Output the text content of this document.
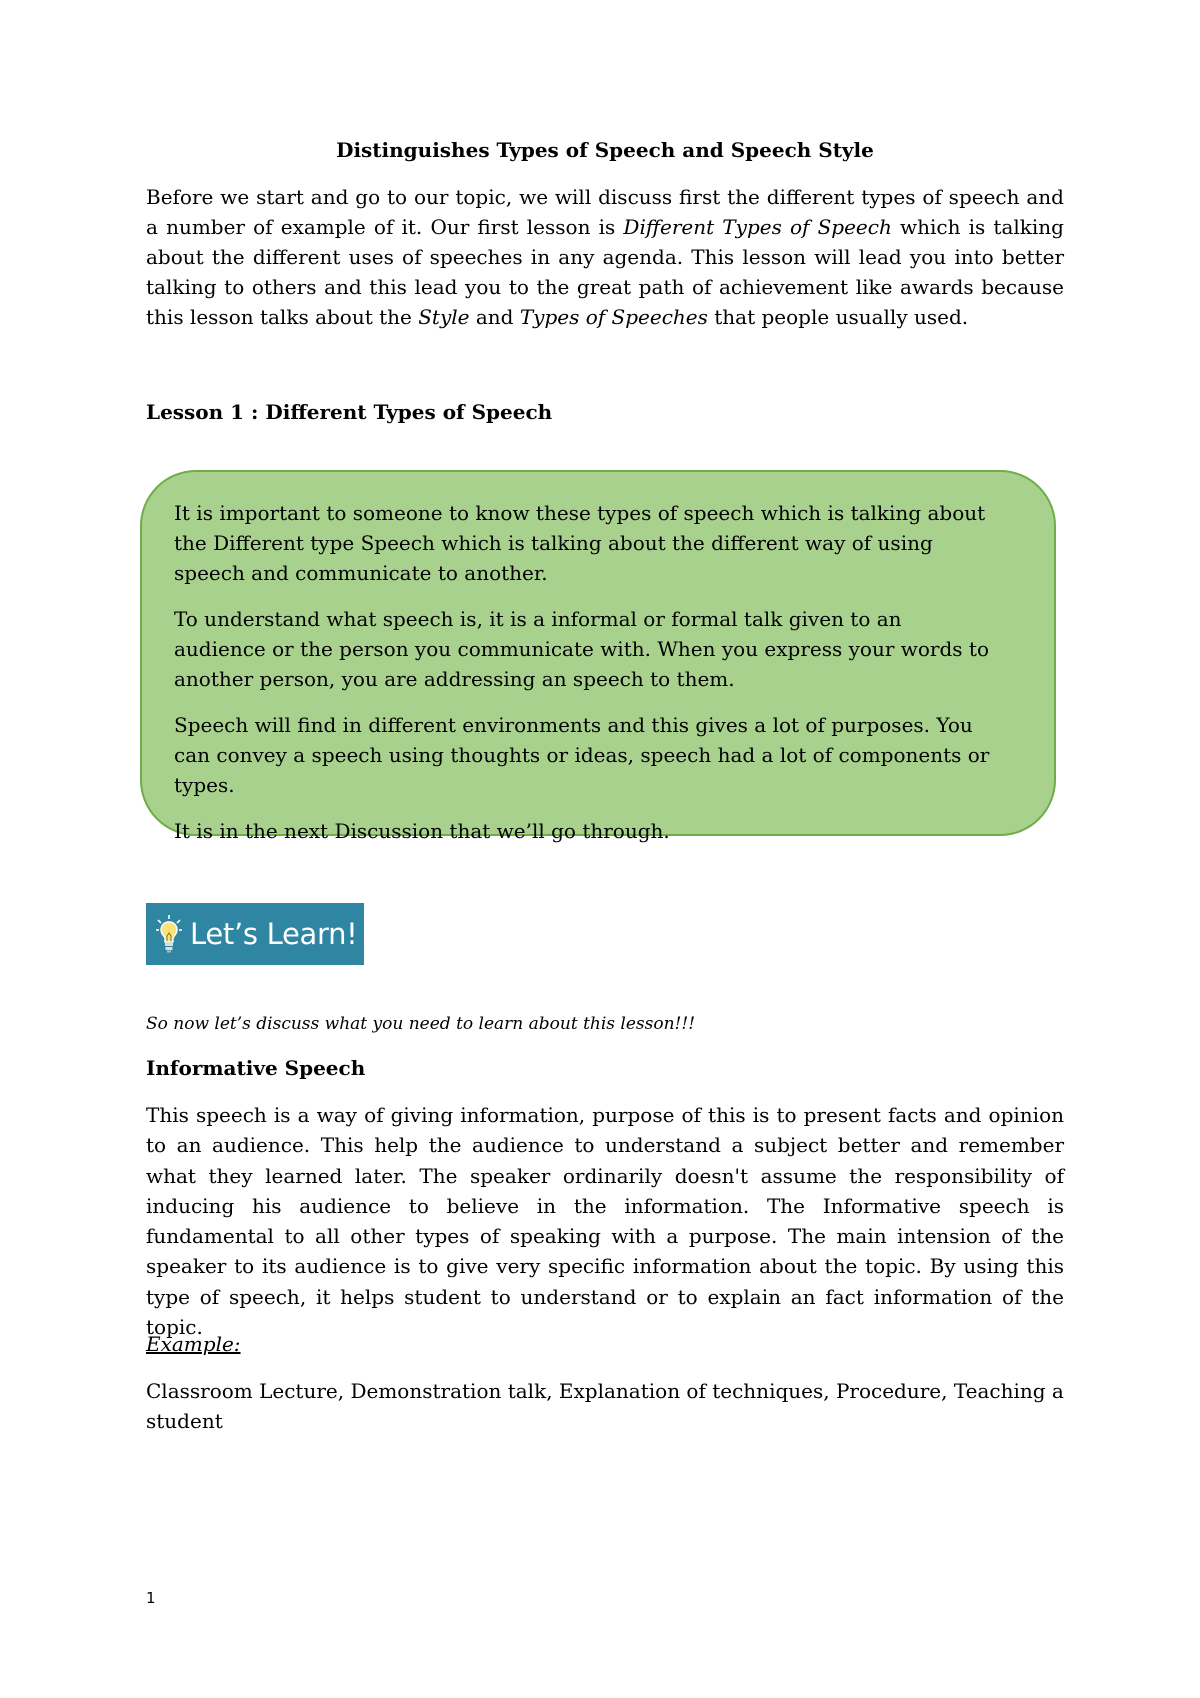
Distinguishes Types of Speech and Speech Style

Before we start and go to our topic, we will discuss first the different types of speech and a number of example of it. Our first lesson is Different Types of Speech which is talking about the different uses of speeches in any agenda. This lesson will lead you into better talking to others and this lead you to the great path of achievement like awards because this lesson talks about the Style and Types of Speeches that people usually used.

Lesson 1 : Different Types of Speech

It is important to someone to know these types of speech which is talking about the Different type Speech which is talking about the different way of using speech and communicate to another.

To understand what speech is, it is a informal or formal talk given to an audience or the person you communicate with. When you express your words to another person, you are addressing an speech to them.

Speech will find in different environments and this gives a lot of purposes. You can convey a speech using thoughts or ideas, speech had a lot of components or types.

It is in the next Discussion that we’ll go through.

Let’s Learn!
So now let’s discuss what you need to learn about this lesson!!!
Informative Speech

This speech is a way of giving information, purpose of this is to present facts and opinion to an audience. This help the audience to understand a subject better and remember what they learned later. The speaker ordinarily doesn't assume the responsibility of inducing his audience to believe in the information. The Informative speech is fundamental to all other types of speaking with a purpose. The main intension of the speaker to its audience is to give very specific information about the topic. By using this type of speech, it helps student to understand or to explain an fact information of the topic.

Example:

Classroom Lecture, Demonstration talk, Explanation of techniques, Procedure, Teaching a student

1
